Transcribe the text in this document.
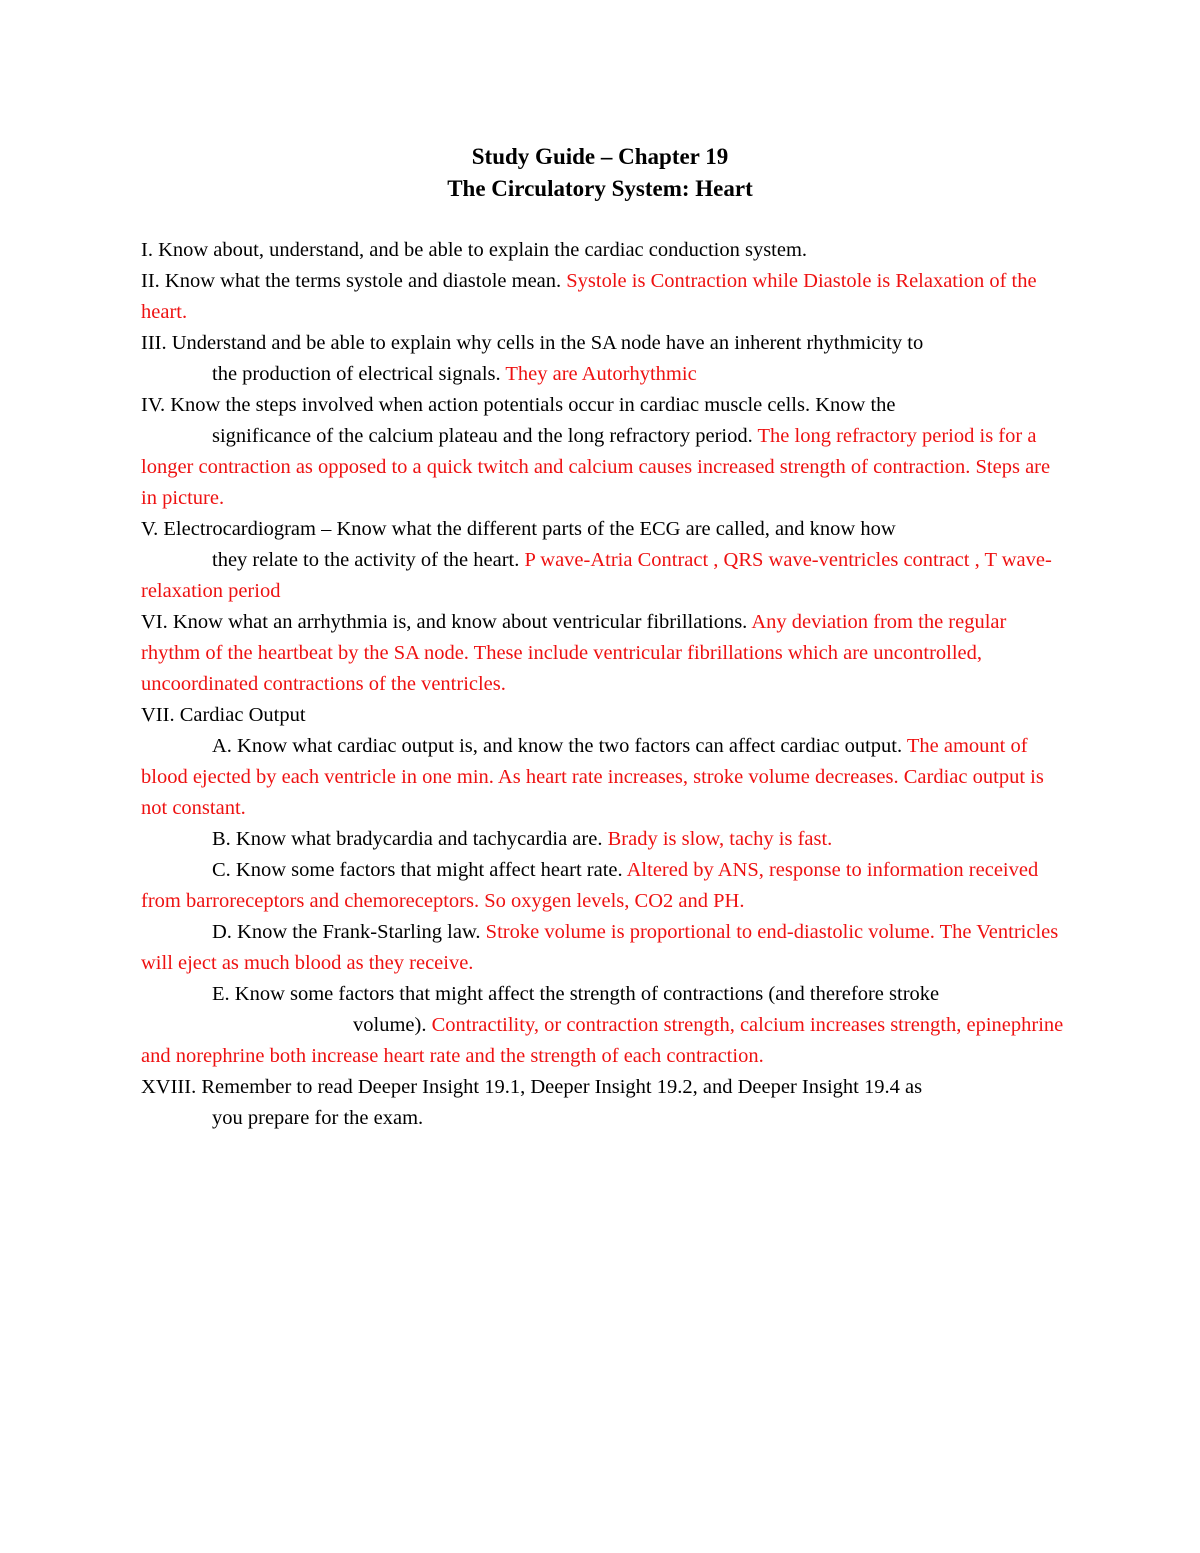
Study Guide – Chapter 19
The Circulatory System: Heart

I. Know about, understand, and be able to explain the cardiac conduction system.

II. Know what the terms systole and diastole mean. Systole is Contraction while Diastole is Relaxation of the heart.

III. Understand and be able to explain why cells in the SA node have an inherent rhythmicity to
the production of electrical signals. They are Autorhythmic

IV. Know the steps involved when action potentials occur in cardiac muscle cells. Know the
significance of the calcium plateau and the long refractory period. The long refractory period is for a longer contraction as opposed to a quick twitch and calcium causes increased strength of contraction. Steps are in picture.

V. Electrocardiogram – Know what the different parts of the ECG are called, and know how
they relate to the activity of the heart. P wave-Atria Contract , QRS wave-ventricles contract , T wave-relaxation period

VI. Know what an arrhythmia is, and know about ventricular fibrillations. Any deviation from the regular rhythm of the heartbeat by the SA node. These include ventricular fibrillations which are uncontrolled, uncoordinated contractions of the ventricles.

VII. Cardiac Output

A. Know what cardiac output is, and know the two factors can affect cardiac output. The amount of blood ejected by each ventricle in one min. As heart rate increases, stroke volume decreases. Cardiac output is not constant.

B. Know what bradycardia and tachycardia are. Brady is slow, tachy is fast.

C. Know some factors that might affect heart rate. Altered by ANS, response to information received from barroreceptors and chemoreceptors. So oxygen levels, CO2 and PH.

D. Know the Frank-Starling law. Stroke volume is proportional to end-diastolic volume. The Ventricles will eject as much blood as they receive.

E. Know some factors that might affect the strength of contractions (and therefore stroke
volume). Contractility, or contraction strength, calcium increases strength, epinephrine and norephrine both increase heart rate and the strength of each contraction.

XVIII. Remember to read Deeper Insight 19.1, Deeper Insight 19.2, and Deeper Insight 19.4 as
you prepare for the exam.
